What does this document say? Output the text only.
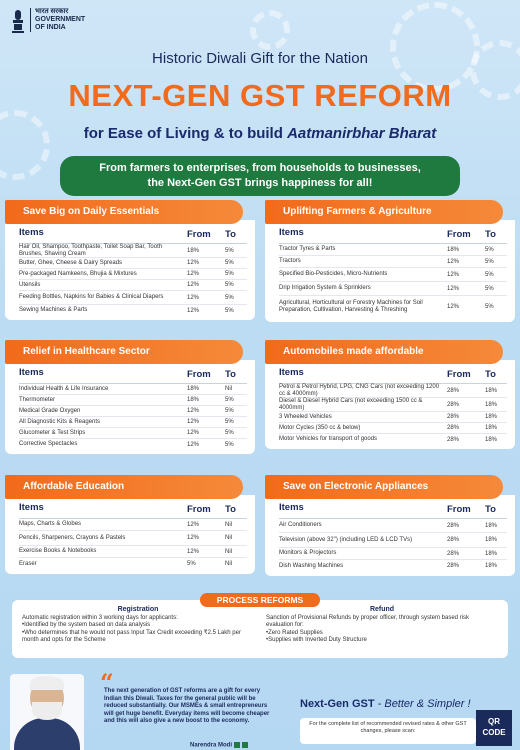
भारत सरकार
GOVERNMENT
OF INDIA
Historic Diwali Gift for the Nation
NEXT-GEN GST REFORM
for Ease of Living & to build Aatmanirbhar Bharat
From farmers to enterprises, from households to businesses,
the Next-Gen GST brings happiness for all!
Save Big on Daily Essentials
Items	From	To
Hair Oil, Shampoo, Toothpaste, Toilet Soap Bar, Tooth Brushes, Shaving Cream	18%	5%
Butter, Ghee, Cheese & Dairy Spreads	12%	5%
Pre-packaged Namkeens, Bhujia & Mixtures	12%	5%
Utensils	12%	5%
Feeding Bottles, Napkins for Babies & Clinical Diapers	12%	5%
Sewing Machines & Parts	12%	5%
Uplifting Farmers & Agriculture
Items	From	To
Tractor Tyres & Parts	18%	5%
Tractors	12%	5%
Specified Bio-Pesticides, Micro-Nutrients	12%	5%
Drip Irrigation System & Sprinklers	12%	5%
Agricultural, Horticultural or Forestry Machines for Soil Preparation, Cultivation, Harvesting & Threshing	12%	5%
Relief in Healthcare Sector
Items	From	To
Individual Health & Life Insurance	18%	Nil
Thermometer	18%	5%
Medical Grade Oxygen	12%	5%
All Diagnostic Kits & Reagents	12%	5%
Glucometer & Test Strips	12%	5%
Corrective Spectacles	12%	5%
Automobiles made affordable
Items	From	To
Petrol & Petrol Hybrid, LPG, CNG Cars (not exceeding 1200 cc & 4000mm)	28%	18%
Diesel & Diesel Hybrid Cars (not exceeding 1500 cc & 4000mm)	28%	18%
3 Wheeled Vehicles	28%	18%
Motor Cycles (350 cc & below)	28%	18%
Motor Vehicles for transport of goods	28%	18%
Affordable Education
Items	From	To
Maps, Charts & Globes	12%	Nil
Pencils, Sharpeners, Crayons & Pastels	12%	Nil
Exercise Books & Notebooks	12%	Nil
Eraser	5%	Nil
Save on Electronic Appliances
Items	From	To
Air Conditioners	28%	18%
Television (above 32") (including LED & LCD TVs)	28%	18%
Monitors & Projectors	28%	18%
Dish Washing Machines	28%	18%
Registration
Automatic registration within 3 working days for applicants:
•Identified by the system based on data analysis
•Who determines that he would not pass Input Tax Credit exceeding ₹2.5 Lakh per month and opts for the Scheme
Refund
Sanction of Provisional Refunds by proper officer, through system based risk evaluation for:
•Zero Rated Supplies
•Supplies with Inverted Duty Structure
PROCESS REFORMS
“
The next generation of GST reforms are a gift for every Indian this Diwali. Taxes for the general public will be reduced substantially. Our MSMEs & small entrepreneurs will get huge benefit. Everyday items will become cheaper and this will also give a new boost to the economy.
Narendra Modi
Next-Gen GST - Better & Simpler !
For the complete list of recommended revised rates & other GST changes, please scan:
QR
CODE
